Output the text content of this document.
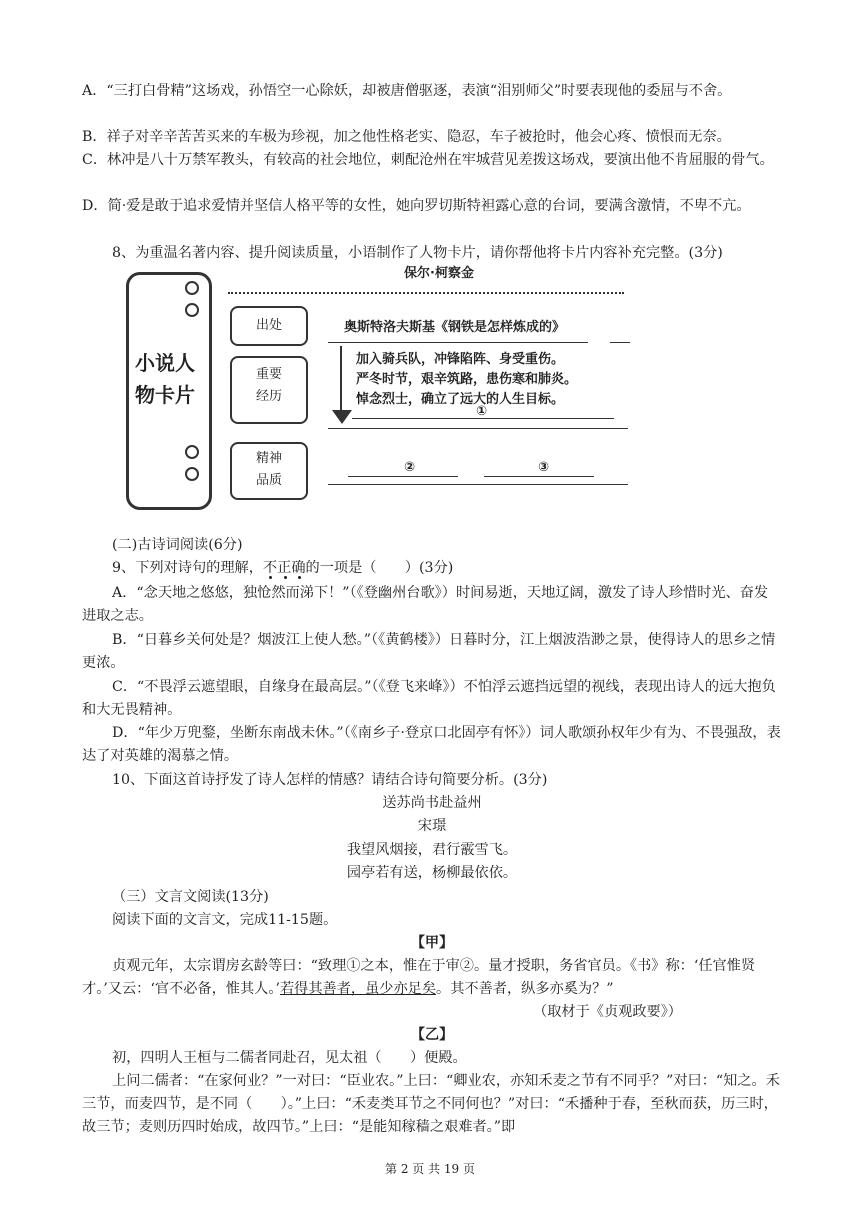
A．“三打白骨精”这场戏，孙悟空一心除妖，却被唐僧驱逐，表演“泪别师父”时要表现他的委屈与不舍。

B．祥子对辛辛苦苦买来的车极为珍视，加之他性格老实、隐忍，车子被抢时，他会心疼、愤恨而无奈。

C．林冲是八十万禁军教头，有较高的社会地位，刺配沧州在牢城营见差拨这场戏，要演出他不肯屈服的骨气。

D．简·爱是敢于追求爱情并坚信人格平等的女性，她向罗切斯特袒露心意的台词，要满含激情，不卑不亢。

8、为重温名著内容、提升阅读质量，小语制作了人物卡片，请你帮他将卡片内容补充完整。(3分)

小说人物卡片
保尔·柯察金
出处	奥斯特洛夫斯基《钢铁是怎样炼成的》
重要经历
加入骑兵队，冲锋陷阵、身受重伤。
严冬时节，艰辛筑路，患伤寒和肺炎。
悼念烈士，确立了远大的人生目标。
①
精神品质
②	③

(二)古诗词阅读(6分)

9、下列对诗句的理解，不正确的一项是（　　）(3分)

A．“念天地之悠悠，独怆然而涕下！”（《登幽州台歌》）时间易逝，天地辽阔，激发了诗人珍惜时光、奋发进取之志。

B．“日暮乡关何处是？烟波江上使人愁。”（《黄鹤楼》）日暮时分，江上烟波浩渺之景，使得诗人的思乡之情更浓。

C．“不畏浮云遮望眼，自缘身在最高层。”（《登飞来峰》）不怕浮云遮挡远望的视线，表现出诗人的远大抱负和大无畏精神。

D．“年少万兜鍪，坐断东南战未休。”（《南乡子·登京口北固亭有怀》）词人歌颂孙权年少有为、不畏强敌，表达了对英雄的渴慕之情。

10、下面这首诗抒发了诗人怎样的情感？请结合诗句简要分析。(3分)

送苏尚书赴益州

宋璟

我望风烟接，君行霰雪飞。

园亭若有送，杨柳最依依。

（三）文言文阅读(13分)

阅读下面的文言文，完成11-15题。

【甲】

贞观元年，太宗谓房玄龄等曰：“致理①之本，惟在于审②。量才授职，务省官员。《书》称：‘任官惟贤才。’又云：‘官不必备，惟其人。’若得其善者，虽少亦足矣。其不善者，纵多亦奚为？”

（取材于《贞观政要》）

【乙】

初，四明人王桓与二儒者同赴召，见太祖（　　）便殿。

上问二儒者：“在家何业？”一对曰：“臣业农。”上曰：“卿业农，亦知禾麦之节有不同乎？”对曰：“知之。禾三节，而麦四节，是不同（　　）。”上曰：“禾麦类耳节之不同何也？”对曰：“禾播种于春，至秋而获，历三时，故三节；麦则历四时始成，故四节。”上曰：“是能知稼穑之艰难者。”即

第 2 页 共 19 页
